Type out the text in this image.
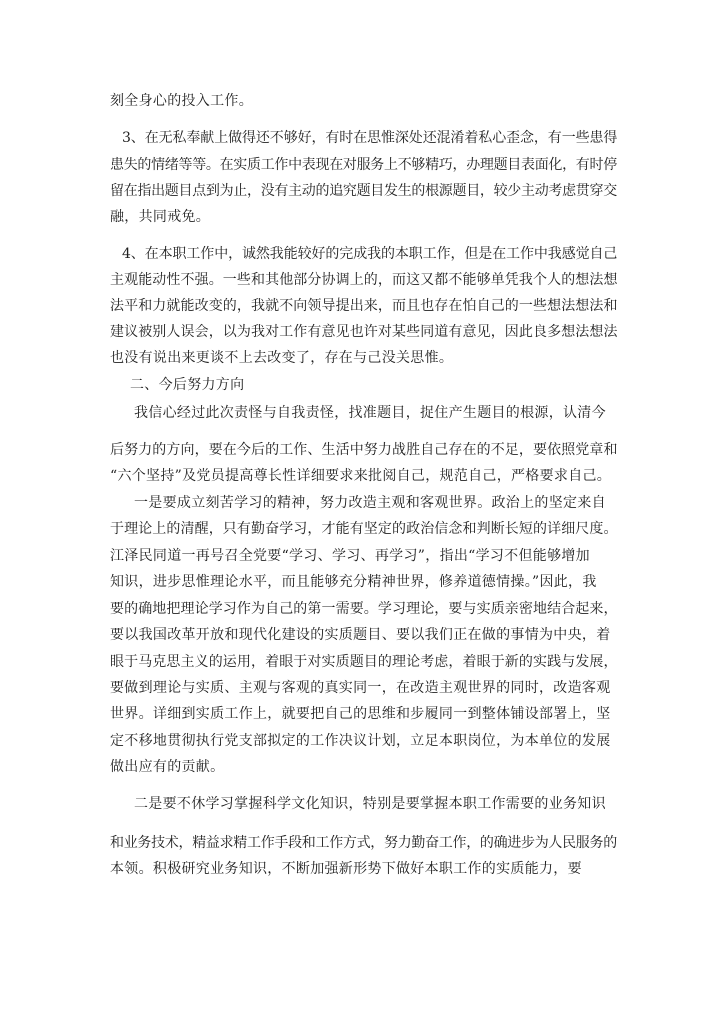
刻全身心的投入工作。

3、在无私奉献上做得还不够好，有时在思惟深处还混淆着私心歪念，有一些患得

患失的情绪等等。在实质工作中表现在对服务上不够精巧，办理题目表面化，有时停

留在指出题目点到为止，没有主动的追究题目发生的根源题目，较少主动考虑贯穿交

融，共同戒免。

4、在本职工作中，诚然我能较好的完成我的本职工作，但是在工作中我感觉自己

主观能动性不强。一些和其他部分协调上的，而这又都不能够单凭我个人的想法想

法平和力就能改变的，我就不向领导提出来，而且也存在怕自己的一些想法想法和

建议被别人误会，以为我对工作有意见也许对某些同道有意见，因此良多想法想法

也没有说出来更谈不上去改变了，存在与己没关思惟。

二、今后努力方向

我信心经过此次责怪与自我责怪，找准题目，捉住产生题目的根源，认清今

后努力的方向，要在今后的工作、生活中努力战胜自己存在的不足，要依照党章和

“六个坚持”及党员提高尊长性详细要求来批阅自己，规范自己，严格要求自己。

一是要成立刻苦学习的精神，努力改造主观和客观世界。政治上的坚定来自

于理论上的清醒，只有勤奋学习，才能有坚定的政治信念和判断长短的详细尺度。

江泽民同道一再号召全党要“学习、学习、再学习”，指出“学习不但能够增加

知识，进步思惟理论水平，而且能够充分精神世界，修养道德情操。”因此，我

要的确地把理论学习作为自己的第一需要。学习理论，要与实质亲密地结合起来，

要以我国改革开放和现代化建设的实质题目、要以我们正在做的事情为中央，着

眼于马克思主义的运用，着眼于对实质题目的理论考虑，着眼于新的实践与发展，

要做到理论与实质、主观与客观的真实同一，在改造主观世界的同时，改造客观

世界。详细到实质工作上，就要把自己的思维和步履同一到整体铺设部署上，坚

定不移地贯彻执行党支部拟定的工作决议计划，立足本职岗位，为本单位的发展

做出应有的贡献。

二是要不休学习掌握科学文化知识，特别是要掌握本职工作需要的业务知识

和业务技术，精益求精工作手段和工作方式，努力勤奋工作，的确进步为人民服务的

本领。积极研究业务知识，不断加强新形势下做好本职工作的实质能力，要
